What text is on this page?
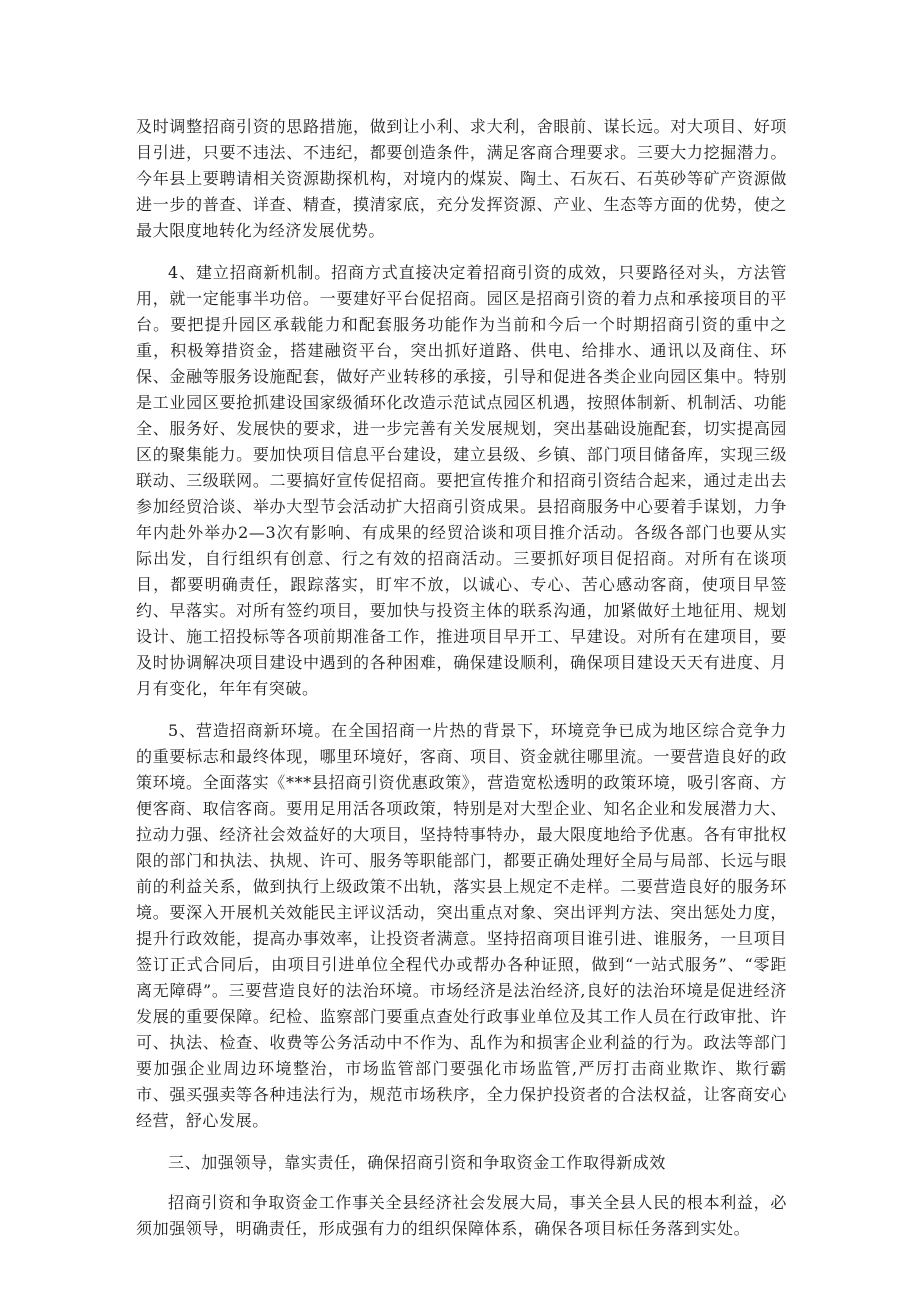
及时调整招商引资的思路措施，做到让小利、求大利，舍眼前、谋长远。对大项目、好项目引进，只要不违法、不违纪，都要创造条件，满足客商合理要求。三要大力挖掘潜力。今年县上要聘请相关资源勘探机构，对境内的煤炭、陶土、石灰石、石英砂等矿产资源做进一步的普查、详查、精查，摸清家底，充分发挥资源、产业、生态等方面的优势，使之最大限度地转化为经济发展优势。

4、建立招商新机制。招商方式直接决定着招商引资的成效，只要路径对头，方法管用，就一定能事半功倍。一要建好平台促招商。园区是招商引资的着力点和承接项目的平台。要把提升园区承载能力和配套服务功能作为当前和今后一个时期招商引资的重中之重，积极筹措资金，搭建融资平台，突出抓好道路、供电、给排水、通讯以及商住、环保、金融等服务设施配套，做好产业转移的承接，引导和促进各类企业向园区集中。特别是工业园区要抢抓建设国家级循环化改造示范试点园区机遇，按照体制新、机制活、功能全、服务好、发展快的要求，进一步完善有关发展规划，突出基础设施配套，切实提高园区的聚集能力。要加快项目信息平台建设，建立县级、乡镇、部门项目储备库，实现三级联动、三级联网。二要搞好宣传促招商。要把宣传推介和招商引资结合起来，通过走出去参加经贸洽谈、举办大型节会活动扩大招商引资成果。县招商服务中心要着手谋划，力争年内赴外举办2—3次有影响、有成果的经贸洽谈和项目推介活动。各级各部门也要从实际出发，自行组织有创意、行之有效的招商活动。三要抓好项目促招商。对所有在谈项目，都要明确责任，跟踪落实，盯牢不放，以诚心、专心、苦心感动客商，使项目早签约、早落实。对所有签约项目，要加快与投资主体的联系沟通，加紧做好土地征用、规划设计、施工招投标等各项前期准备工作，推进项目早开工、早建设。对所有在建项目，要及时协调解决项目建设中遇到的各种困难，确保建设顺利，确保项目建设天天有进度、月月有变化，年年有突破。

5、营造招商新环境。在全国招商一片热的背景下，环境竞争已成为地区综合竞争力的重要标志和最终体现，哪里环境好，客商、项目、资金就往哪里流。一要营造良好的政策环境。全面落实《***县招商引资优惠政策》，营造宽松透明的政策环境，吸引客商、方便客商、取信客商。要用足用活各项政策，特别是对大型企业、知名企业和发展潜力大、拉动力强、经济社会效益好的大项目，坚持特事特办，最大限度地给予优惠。各有审批权限的部门和执法、执规、许可、服务等职能部门，都要正确处理好全局与局部、长远与眼前的利益关系，做到执行上级政策不出轨，落实县上规定不走样。二要营造良好的服务环境。要深入开展机关效能民主评议活动，突出重点对象、突出评判方法、突出惩处力度，提升行政效能，提高办事效率，让投资者满意。坚持招商项目谁引进、谁服务，一旦项目签订正式合同后，由项目引进单位全程代办或帮办各种证照，做到“一站式服务”、“零距离无障碍”。三要营造良好的法治环境。市场经济是法治经济,良好的法治环境是促进经济发展的重要保障。纪检、监察部门要重点查处行政事业单位及其工作人员在行政审批、许可、执法、检查、收费等公务活动中不作为、乱作为和损害企业利益的行为。政法等部门要加强企业周边环境整治，市场监管部门要强化市场监管,严厉打击商业欺诈、欺行霸市、强买强卖等各种违法行为，规范市场秩序，全力保护投资者的合法权益，让客商安心经营，舒心发展。

三、加强领导，靠实责任，确保招商引资和争取资金工作取得新成效

招商引资和争取资金工作事关全县经济社会发展大局，事关全县人民的根本利益，必须加强领导，明确责任，形成强有力的组织保障体系，确保各项目标任务落到实处。
